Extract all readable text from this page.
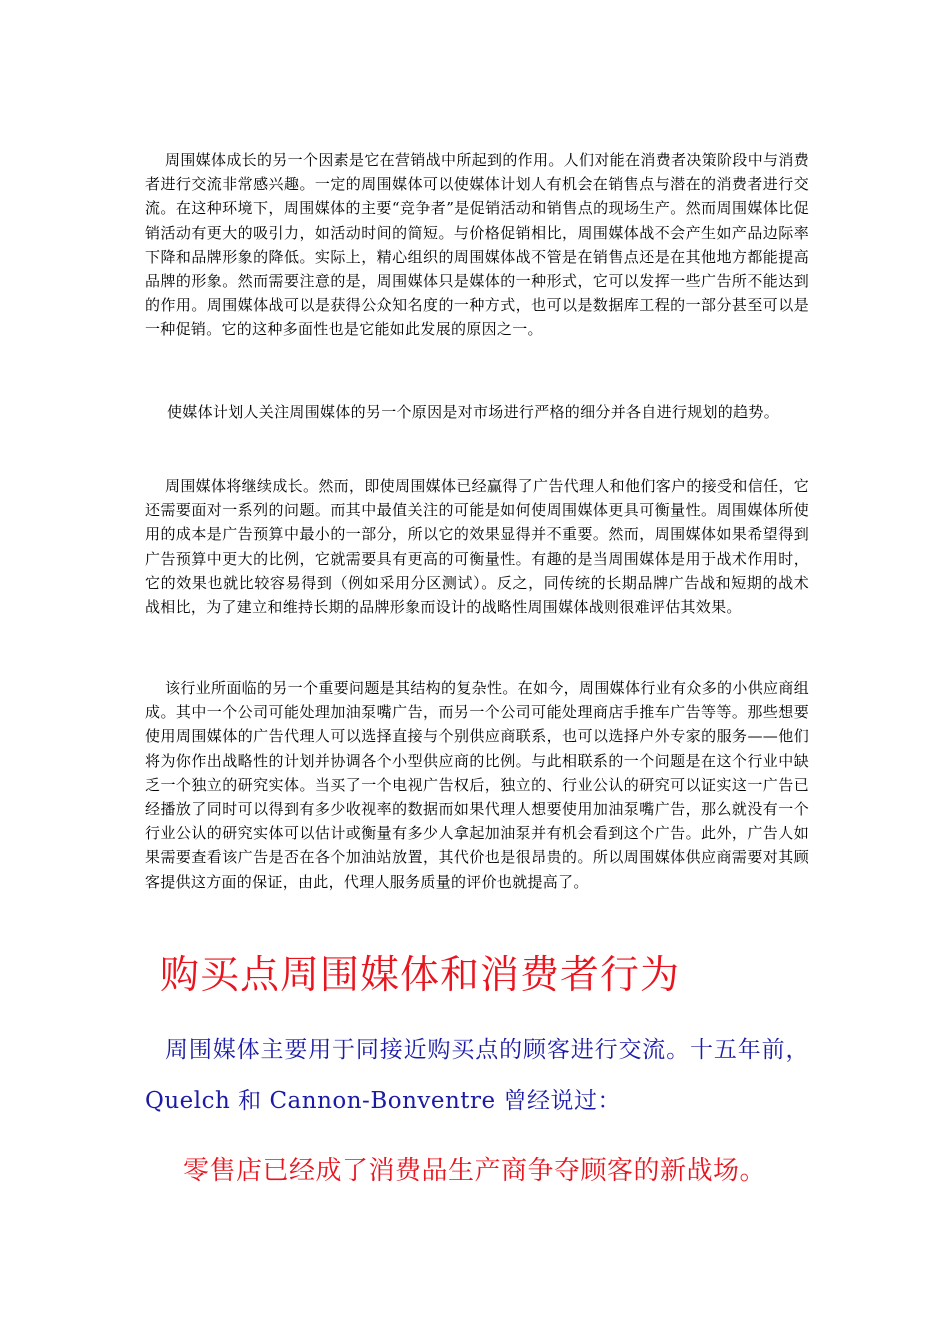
周围媒体成长的另一个因素是它在营销战中所起到的作用。人们对能在消费者决策阶段中与消费者进行交流非常感兴趣。一定的周围媒体可以使媒体计划人有机会在销售点与潜在的消费者进行交流。在这种环境下，周围媒体的主要“竞争者”是促销活动和销售点的现场生产。然而周围媒体比促销活动有更大的吸引力，如活动时间的简短。与价格促销相比，周围媒体战不会产生如产品边际率下降和品牌形象的降低。实际上，精心组织的周围媒体战不管是在销售点还是在其他地方都能提高品牌的形象。然而需要注意的是，周围媒体只是媒体的一种形式，它可以发挥一些广告所不能达到的作用。周围媒体战可以是获得公众知名度的一种方式，也可以是数据库工程的一部分甚至可以是一种促销。它的这种多面性也是它能如此发展的原因之一。

使媒体计划人关注周围媒体的另一个原因是对市场进行严格的细分并各自进行规划的趋势。

周围媒体将继续成长。然而，即使周围媒体已经赢得了广告代理人和他们客户的接受和信任，它还需要面对一系列的问题。而其中最值关注的可能是如何使周围媒体更具可衡量性。周围媒体所使用的成本是广告预算中最小的一部分，所以它的效果显得并不重要。然而，周围媒体如果希望得到广告预算中更大的比例，它就需要具有更高的可衡量性。有趣的是当周围媒体是用于战术作用时，它的效果也就比较容易得到（例如采用分区测试）。反之，同传统的长期品牌广告战和短期的战术战相比，为了建立和维持长期的品牌形象而设计的战略性周围媒体战则很难评估其效果。

该行业所面临的另一个重要问题是其结构的复杂性。在如今，周围媒体行业有众多的小供应商组成。其中一个公司可能处理加油泵嘴广告，而另一个公司可能处理商店手推车广告等等。那些想要使用周围媒体的广告代理人可以选择直接与个别供应商联系，也可以选择户外专家的服务——他们将为你作出战略性的计划并协调各个小型供应商的比例。与此相联系的一个问题是在这个行业中缺乏一个独立的研究实体。当买了一个电视广告权后，独立的、行业公认的研究可以证实这一广告已经播放了同时可以得到有多少收视率的数据而如果代理人想要使用加油泵嘴广告，那么就没有一个行业公认的研究实体可以估计或衡量有多少人拿起加油泵并有机会看到这个广告。此外，广告人如果需要查看该广告是否在各个加油站放置，其代价也是很昂贵的。所以周围媒体供应商需要对其顾客提供这方面的保证，由此，代理人服务质量的评价也就提高了。

购买点周围媒体和消费者行为

周围媒体主要用于同接近购买点的顾客进行交流。十五年前，Quelch 和 Cannon-Bonventre 曾经说过：

零售店已经成了消费品生产商争夺顾客的新战场。
